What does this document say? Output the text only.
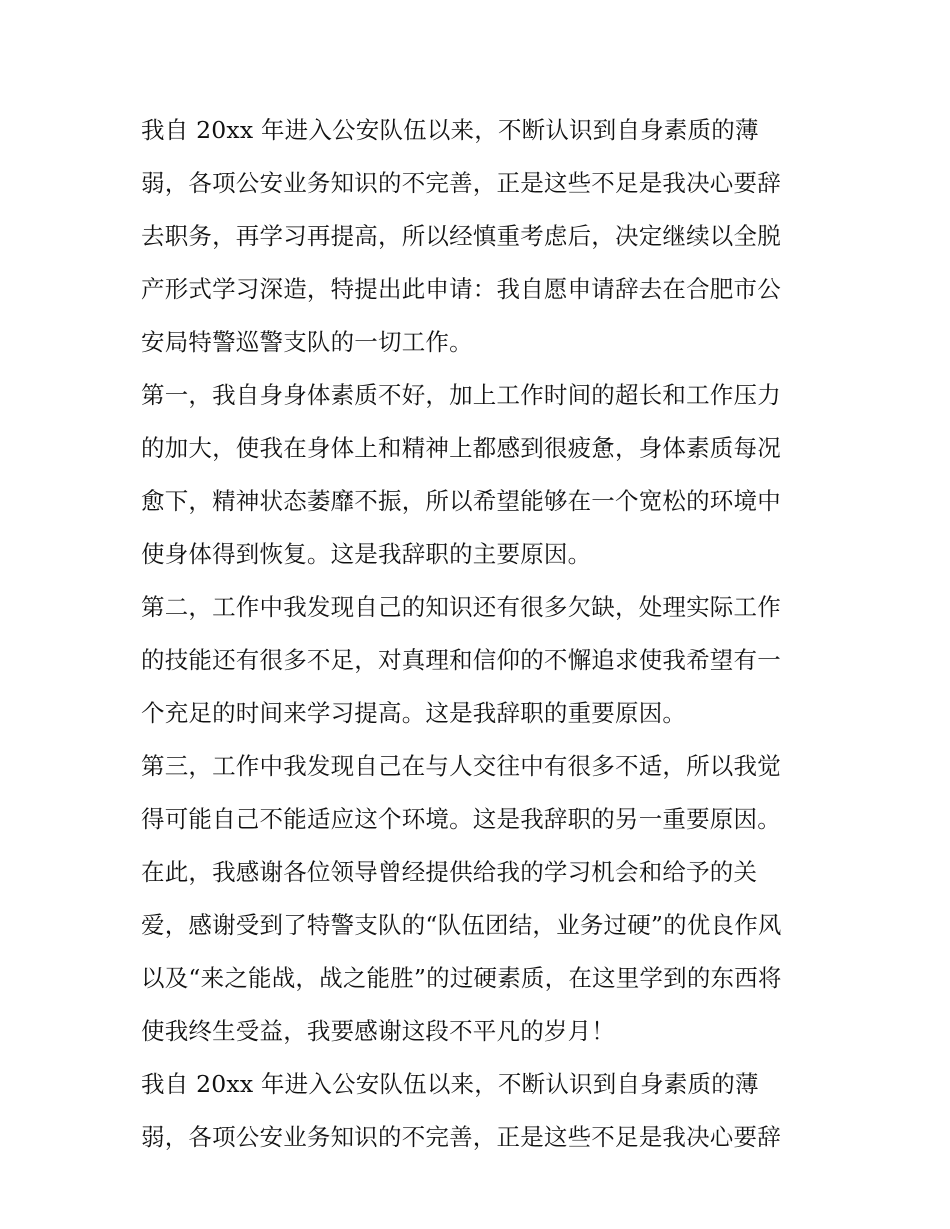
我自 20xx 年进入公安队伍以来，不断认识到自身素质的薄
弱，各项公安业务知识的不完善，正是这些不足是我决心要辞
去职务，再学习再提高，所以经慎重考虑后，决定继续以全脱
产形式学习深造，特提出此申请：我自愿申请辞去在合肥市公
安局特警巡警支队的一切工作。
第一，我自身身体素质不好，加上工作时间的超长和工作压力
的加大，使我在身体上和精神上都感到很疲惫，身体素质每况
愈下，精神状态萎靡不振，所以希望能够在一个宽松的环境中
使身体得到恢复。这是我辞职的主要原因。
第二，工作中我发现自己的知识还有很多欠缺，处理实际工作
的技能还有很多不足，对真理和信仰的不懈追求使我希望有一
个充足的时间来学习提高。这是我辞职的重要原因。
第三，工作中我发现自己在与人交往中有很多不适，所以我觉
得可能自己不能适应这个环境。这是我辞职的另一重要原因。
在此，我感谢各位领导曾经提供给我的学习机会和给予的关
爱，感谢受到了特警支队的“队伍团结，业务过硬”的优良作风
以及“来之能战，战之能胜”的过硬素质，在这里学到的东西将
使我终生受益，我要感谢这段不平凡的岁月！
我自 20xx 年进入公安队伍以来，不断认识到自身素质的薄
弱，各项公安业务知识的不完善，正是这些不足是我决心要辞
